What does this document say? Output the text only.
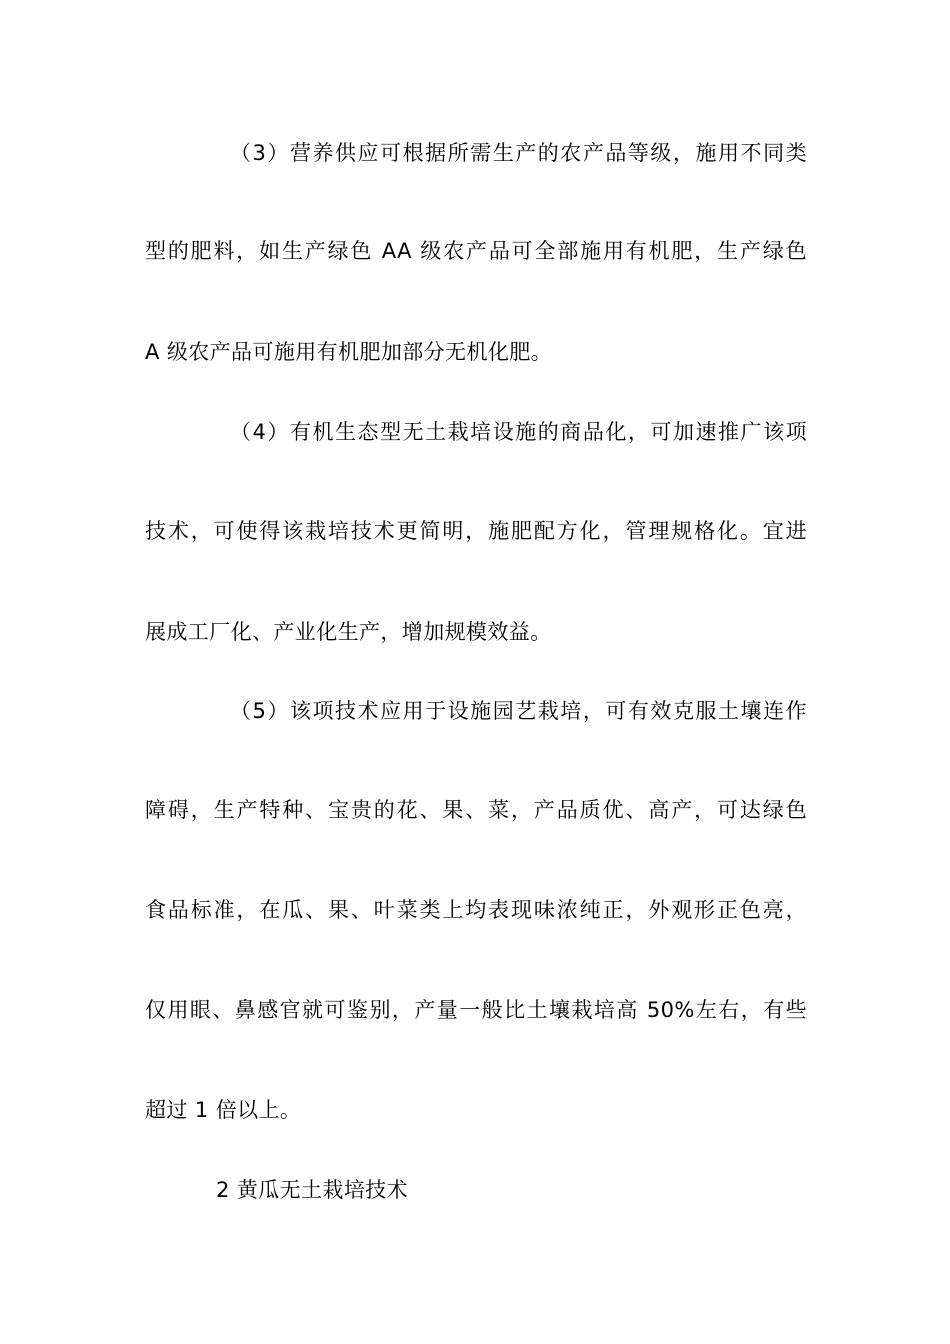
（3）营养供应可根据所需生产的农产品等级，施用不同类

型的肥料，如生产绿色 AA 级农产品可全部施用有机肥，生产绿色

A 级农产品可施用有机肥加部分无机化肥。

（4）有机生态型无土栽培设施的商品化，可加速推广该项

技术，可使得该栽培技术更简明，施肥配方化，管理规格化。宜进

展成工厂化、产业化生产，增加规模效益。

（5）该项技术应用于设施园艺栽培，可有效克服土壤连作

障碍，生产特种、宝贵的花、果、菜，产品质优、高产，可达绿色

食品标准，在瓜、果、叶菜类上均表现味浓纯正，外观形正色亮，

仅用眼、鼻感官就可鉴别，产量一般比土壤栽培高 50%左右，有些

超过 1 倍以上。

2 黄瓜无土栽培技术
